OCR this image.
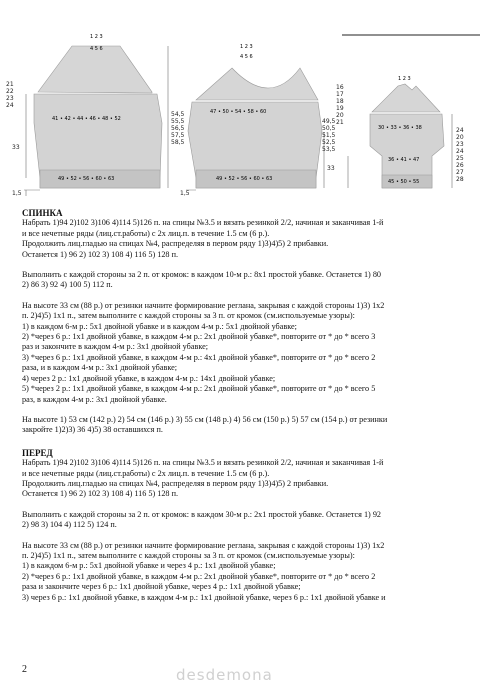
21
22
23
24
33
1,5
54,5
55,5
56,5
57,5
58,5
1 2 3
4 5 6
41 • 42 • 44 • 46 • 48 • 52
49 • 52 • 56 • 60 • 63
49,5
50,5
51,5
52,5
53,5
33
1,5
1 2 3
4 5 6
47 • 50 • 54 • 58 • 60
49 • 52 • 56 • 60 • 63
16
17
18
19
20
21
24
20
23
24
25
26
27
28
1 2 3
30 • 33 • 36 • 38
36 • 41 • 47
45 • 50 • 55

СПИНКА

Набрать 1)94 2)102 3)106 4)114 5)126 п. на спицы №3.5 и вязать резинкой 2/2, начиная и заканчивая 1-й

и все нечетные ряды (лиц.ст.работы) с 2х лиц.п. в течение 1.5 см (6 р.).

Продолжить лиц.гладью на спицах №4, распределяя в первом ряду 1)3)4)5) 2 прибавки.

Останется 1) 96 2) 102 3) 108 4) 116 5) 128 п.

Выполнить с каждой стороны за 2 п. от кромок: в каждом 10-м р.: 8х1 простой убавке. Останется 1) 80

2) 86 3) 92 4) 100 5) 112 п.

На высоте 33 см (88 р.) от резинки начните формирование реглана, закрывая с каждой стороны 1)3) 1х2

п. 2)4)5) 1х1 п., затем выполните с каждой стороны за 3 п. от кромок (см.используемые узоры):

1) в каждом 6-м р.: 5х1 двойной убавке и в каждом 4-м р.: 5х1 двойной убавке;

2) *через 6 р.: 1х1 двойной убавке, в каждом 4-м р.: 2х1 двойной убавке*, повторите от * до * всего 3

раз и закончите в каждом 4-м р.: 3х1 двойной убавке;

3) *через 6 р.: 1х1 двойной убавке, в каждом 4-м р.: 4х1 двойной убавке*, повторите от * до * всего 2

раза, и в каждом 4-м р.: 3х1 двойной убавке;

4) через 2 р.: 1х1 двойной убавке, в каждом 4-м р.: 14х1 двойной убавке;

5) *через 2 р.: 1х1 двойной убавке, в каждом 4-м р.: 2х1 двойной убавке*, повторите от * до * всего 5

раз, в каждом 4-м р.: 3х1 двойной убавке.

На высоте 1) 53 см (142 р.) 2) 54 см (146 р.) 3) 55 см (148 р.) 4) 56 см (150 р.) 5) 57 см (154 р.) от резинки

закройте 1)2)3) 36 4)5) 38 оставшихся п.

ПЕРЕД

Набрать 1)94 2)102 3)106 4)114 5)126 п. на спицы №3.5 и вязать резинкой 2/2, начиная и заканчивая 1-й

и все нечетные ряды (лиц.ст.работы) с 2х лиц.п. в течение 1.5 см (6 р.).

Продолжить лиц.гладью на спицах №4, распределяя в первом ряду 1)3)4)5) 2 прибавки.

Останется 1) 96 2) 102 3) 108 4) 116 5) 128 п.

Выполнить с каждой стороны за 2 п. от кромок: в каждом 30-м р.: 2х1 простой убавке. Останется 1) 92

2) 98 3) 104 4) 112 5) 124 п.

На высоте 33 см (88 р.) от резинки начните формирование реглана, закрывая с каждой стороны 1)3) 1х2

п. 2)4)5) 1х1 п., затем выполните с каждой стороны за 3 п. от кромок (см.используемые узоры):

1) в каждом 6-м р.: 5х1 двойной убавке и через 4 р.: 1х1 двойной убавке;

2) *через 6 р.: 1х1 двойной убавке, в каждом 4-м р.: 2х1 двойной убавке*, повторите от * до * всего 2

раза и закончите через 6 р.: 1х1 двойной убавке, через 4 р.: 1х1 двойной убавке;

3) через 6 р.: 1х1 двойной убавке, в каждом 4-м р.: 1х1 двойной убавке, через 6 р.: 1х1 двойной убавке и

2	desdemona
